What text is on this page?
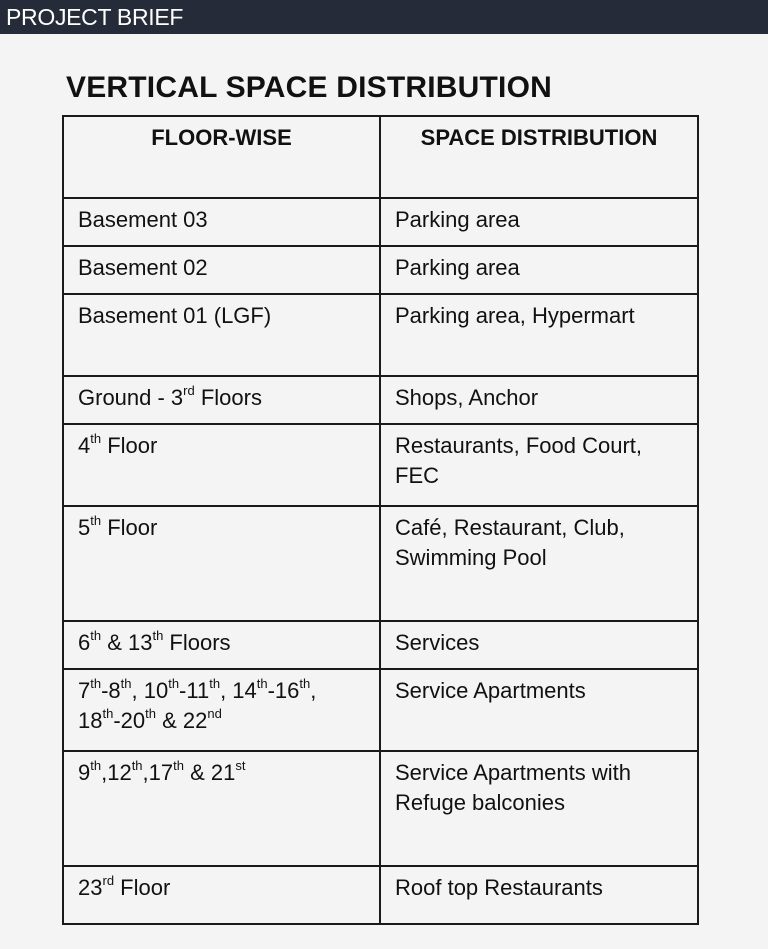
PROJECT BRIEF
VERTICAL SPACE DISTRIBUTION
FLOOR-WISE	SPACE DISTRIBUTION
Basement 03	Parking area
Basement 02	Parking area
Basement 01 (LGF)	Parking area, Hypermart
Ground - 3rd Floors	Shops, Anchor
4th Floor	Restaurants, Food Court, FEC
5th Floor	Café, Restaurant, Club, Swimming Pool
6th & 13th Floors	Services
7th-8th, 10th-11th, 14th-16th, 18th-20th & 22nd	Service Apartments
9th,12th,17th & 21st	Service Apartments with Refuge balconies
23rd Floor	Roof top Restaurants
